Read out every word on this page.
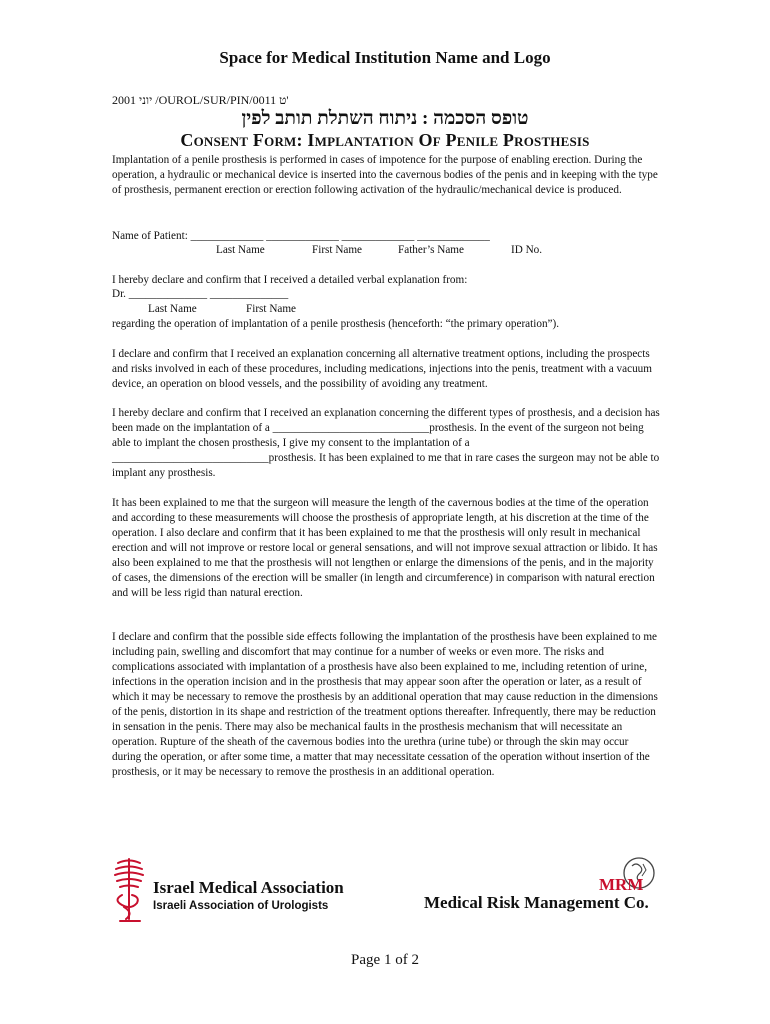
Space for Medical Institution Name and Logo
2001 יוני /OUROL/SUR/PIN/0011 ט'
טופס הסכמה : ניתוח השתלת תותב לפין
Consent Form: Implantation Of Penile Prosthesis

Implantation of a penile prosthesis is performed in cases of impotence for the purpose of enabling erection. During the operation, a hydraulic or mechanical device is inserted into the cavernous bodies of the penis and in keeping with the type of prosthesis, permanent erection or erection following activation of the hydraulic/mechanical device is produced.

Name of Patient: _____________ _____________ _____________ _____________
Last Name	First Name	Father’s Name	ID No.
I hereby declare and confirm that I received a detailed verbal explanation from:
Dr. ______________ ______________
Last Name	First Name
regarding the operation of implantation of a penile prosthesis (henceforth: “the primary operation”).

I declare and confirm that I received an explanation concerning all alternative treatment options, including the prospects and risks involved in each of these procedures, including medications, injections into the penis, treatment with a vacuum device, an operation on blood vessels, and the possibility of avoiding any treatment.

I hereby declare and confirm that I received an explanation concerning the different types of prosthesis, and a decision has been made on the implantation of a ____________________________prosthesis. In the event of the surgeon not being able to implant the chosen prosthesis, I give my consent to the implantation of a ____________________________prosthesis. It has been explained to me that in rare cases the surgeon may not be able to implant any prosthesis.

It has been explained to me that the surgeon will measure the length of the cavernous bodies at the time of the operation and according to these measurements will choose the prosthesis of appropriate length, at his discretion at the time of the operation. I also declare and confirm that it has been explained to me that the prosthesis will only result in mechanical erection and will not improve or restore local or general sensations, and will not improve sexual attraction or libido. It has also been explained to me that the prosthesis will not lengthen or enlarge the dimensions of the penis, and in the majority of cases, the dimensions of the erection will be smaller (in length and circumference) in comparison with natural erection and will be less rigid than natural erection.

I declare and confirm that the possible side effects following the implantation of the prosthesis have been explained to me including pain, swelling and discomfort that may continue for a number of weeks or even more. The risks and complications associated with implantation of a prosthesis have also been explained to me, including retention of urine, infections in the operation incision and in the prosthesis that may appear soon after the operation or later, as a result of which it may be necessary to remove the prosthesis by an additional operation that may cause reduction in the dimensions of the penis, distortion in its shape and restriction of the treatment options thereafter. Infrequently, there may be reduction in sensation in the penis. There may also be mechanical faults in the prosthesis mechanism that will necessitate an operation. Rupture of the sheath of the cavernous bodies into the urethra (urine tube) or through the skin may occur during the operation, or after some time, a matter that may necessitate cessation of the operation without insertion of the prosthesis, or it may be necessary to remove the prosthesis in an additional operation.

Israel Medical Association
Israeli Association of Urologists
MRM
Medical Risk Management Co.
Page 1 of 2
